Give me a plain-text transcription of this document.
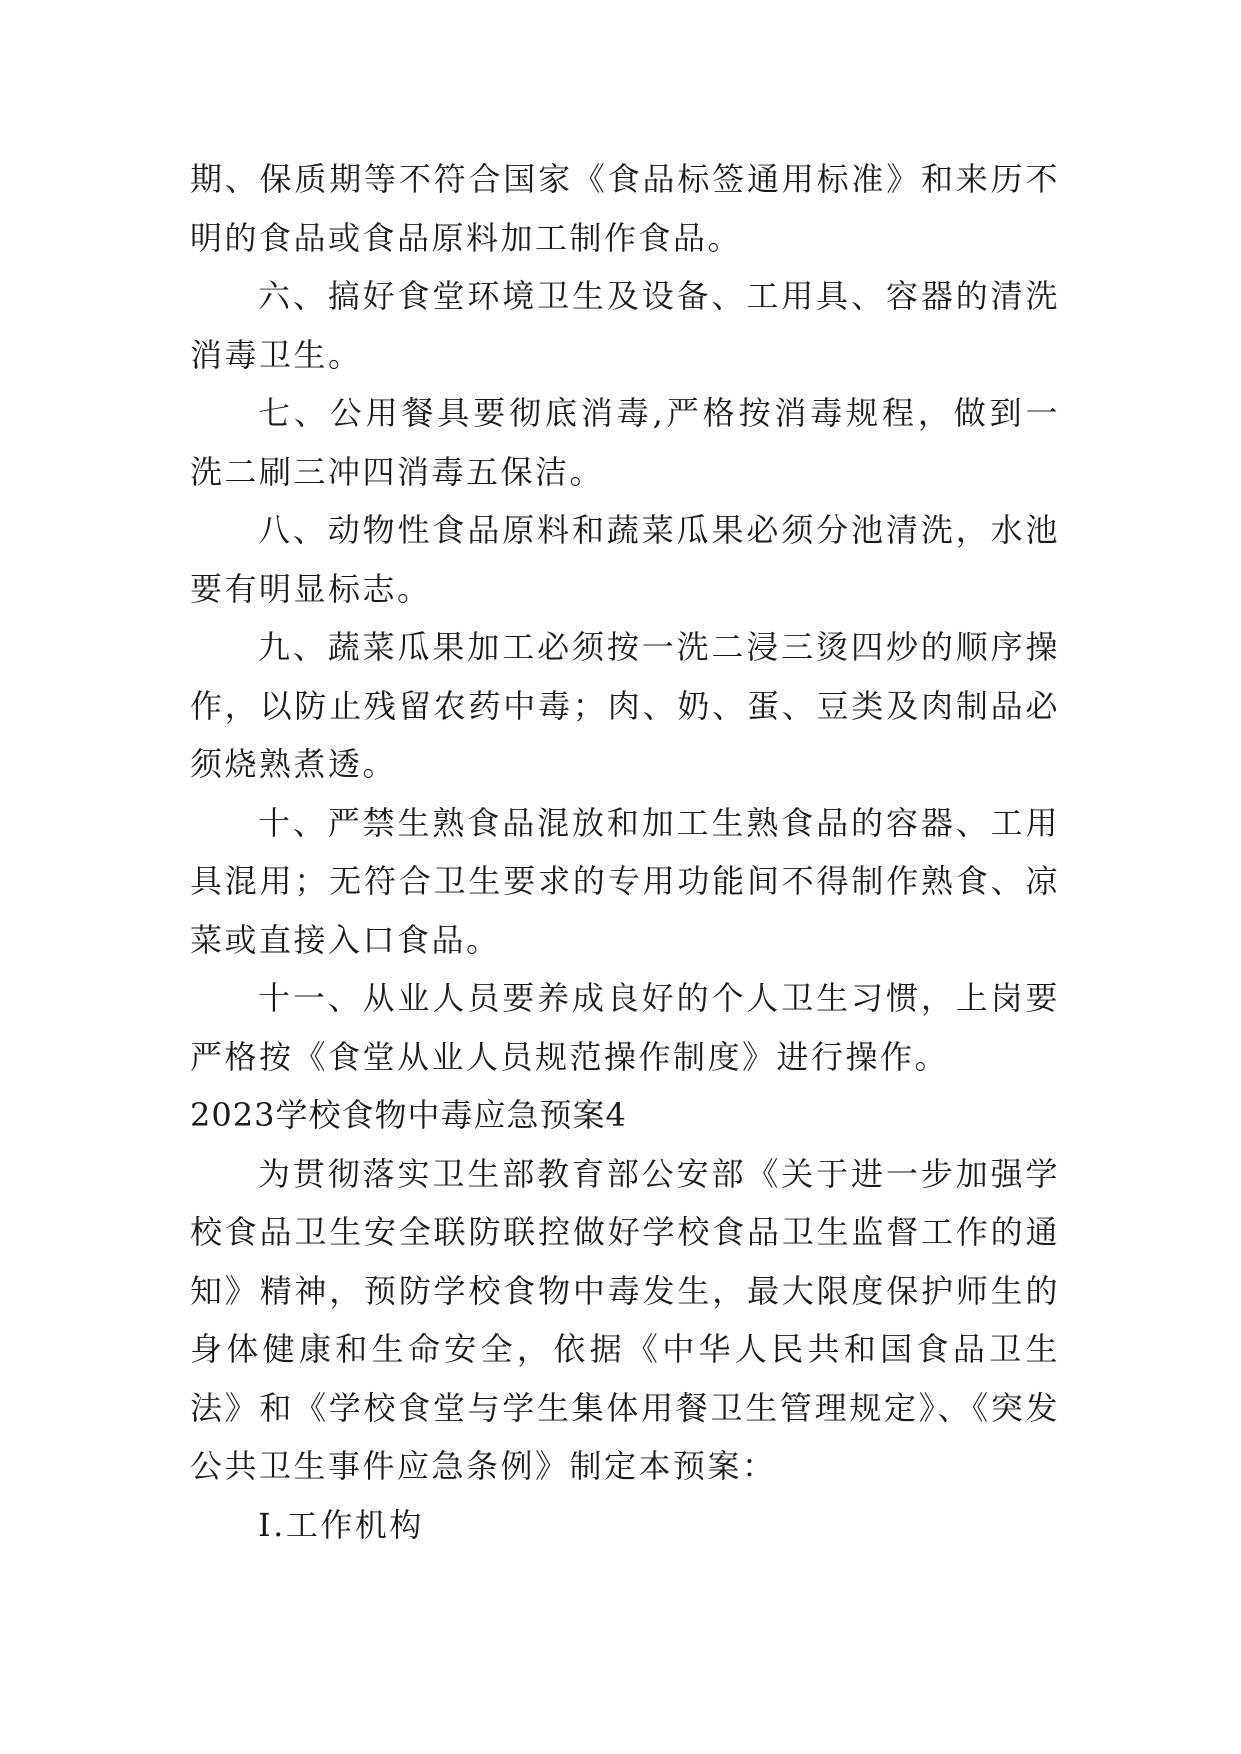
期、保质期等不符合国家《食品标签通用标准》和来历不明的食品或食品原料加工制作食品。

六、搞好食堂环境卫生及设备、工用具、容器的清洗消毒卫生。

七、公用餐具要彻底消毒,严格按消毒规程，做到一洗二刷三冲四消毒五保洁。

八、动物性食品原料和蔬菜瓜果必须分池清洗，水池要有明显标志。

九、蔬菜瓜果加工必须按一洗二浸三烫四炒的顺序操作，以防止残留农药中毒；肉、奶、蛋、豆类及肉制品必须烧熟煮透。

十、严禁生熟食品混放和加工生熟食品的容器、工用具混用；无符合卫生要求的专用功能间不得制作熟食、凉菜或直接入口食品。

十一、从业人员要养成良好的个人卫生习惯，上岗要严格按《食堂从业人员规范操作制度》进行操作。

2023学校食物中毒应急预案4

为贯彻落实卫生部教育部公安部《关于进一步加强学校食品卫生安全联防联控做好学校食品卫生监督工作的通知》精神，预防学校食物中毒发生，最大限度保护师生的身体健康和生命安全，依据《中华人民共和国食品卫生法》和《学校食堂与学生集体用餐卫生管理规定》、《突发公共卫生事件应急条例》制定本预案：

I.工作机构
